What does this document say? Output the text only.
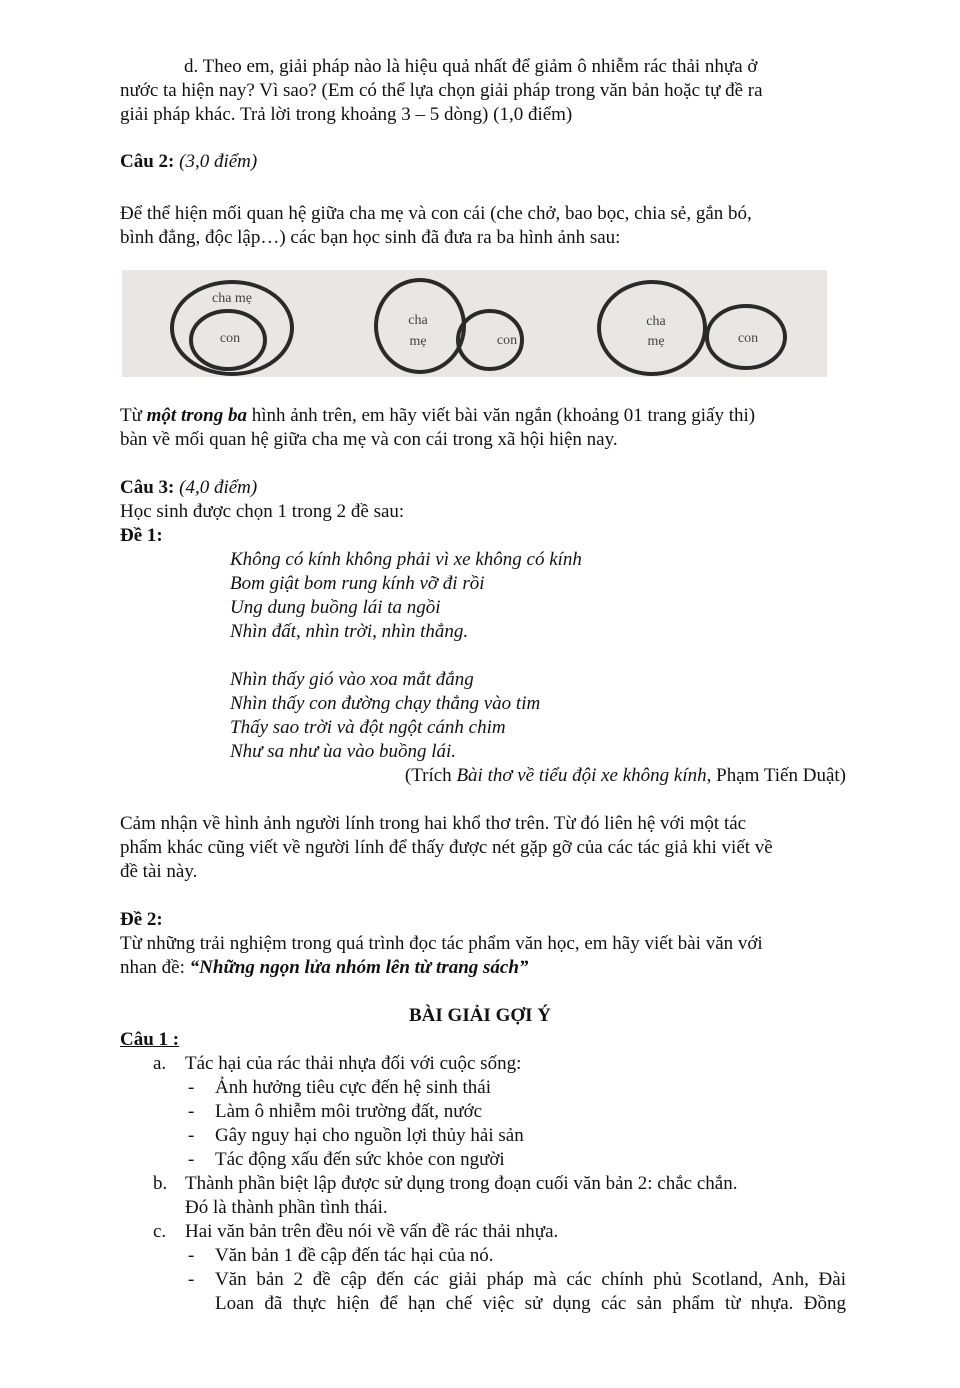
d. Theo em, giải pháp nào là hiệu quả nhất để giảm ô nhiễm rác thải nhựa ở
nước ta hiện nay? Vì sao? (Em có thể lựa chọn giải pháp trong văn bản hoặc tự đề ra
giải pháp khác. Trả lời trong khoảng 3 – 5 dòng) (1,0 điểm)

Câu 2: (3,0 điểm)

Để thể hiện mối quan hệ giữa cha mẹ và con cái (che chở, bao bọc, chia sẻ, gắn bó,
bình đẳng, độc lập…) các bạn học sinh đã đưa ra ba hình ảnh sau:

cha mẹ
con
cha
mẹ	con
cha
mẹ	con

Từ một trong ba hình ảnh trên, em hãy viết bài văn ngắn (khoảng 01 trang giấy thi)
bàn về mối quan hệ giữa cha mẹ và con cái trong xã hội hiện nay.

Câu 3: (4,0 điểm)
Học sinh được chọn 1 trong 2 đề sau:
Đề 1:

Không có kính không phải vì xe không có kính
Bom giật bom rung kính vỡ đi rồi
Ung dung buồng lái ta ngồi
Nhìn đất, nhìn trời, nhìn thẳng.
Nhìn thấy gió vào xoa mắt đắng
Nhìn thấy con đường chạy thẳng vào tim
Thấy sao trời và đột ngột cánh chim
Như sa như ùa vào buồng lái.
(Trích Bài thơ về tiểu đội xe không kính, Phạm Tiến Duật)

Cảm nhận về hình ảnh người lính trong hai khổ thơ trên. Từ đó liên hệ với một tác
phẩm khác cũng viết về người lính để thấy được nét gặp gỡ của các tác giả khi viết về
đề tài này.

Đề 2:
Từ những trải nghiệm trong quá trình đọc tác phẩm văn học, em hãy viết bài văn với
nhan đề: “Những ngọn lửa nhóm lên từ trang sách”

BÀI GIẢI GỢI Ý
Câu 1 :
a. Tác hại của rác thải nhựa đối với cuộc sống:
- Ảnh hưởng tiêu cực đến hệ sinh thái
- Làm ô nhiễm môi trường đất, nước
- Gây nguy hại cho nguồn lợi thủy hải sản
- Tác động xấu đến sức khỏe con người
b. Thành phần biệt lập được sử dụng trong đoạn cuối văn bản 2: chắc chắn.
Đó là thành phần tình thái.
c. Hai văn bản trên đều nói về vấn đề rác thải nhựa.
- Văn bản 1 đề cập đến tác hại của nó.
- Văn bản 2 đề cập đến các giải pháp mà các chính phủ Scotland, Anh, Đài
Loan đã thực hiện để hạn chế việc sử dụng các sản phẩm từ nhựa. Đồng
